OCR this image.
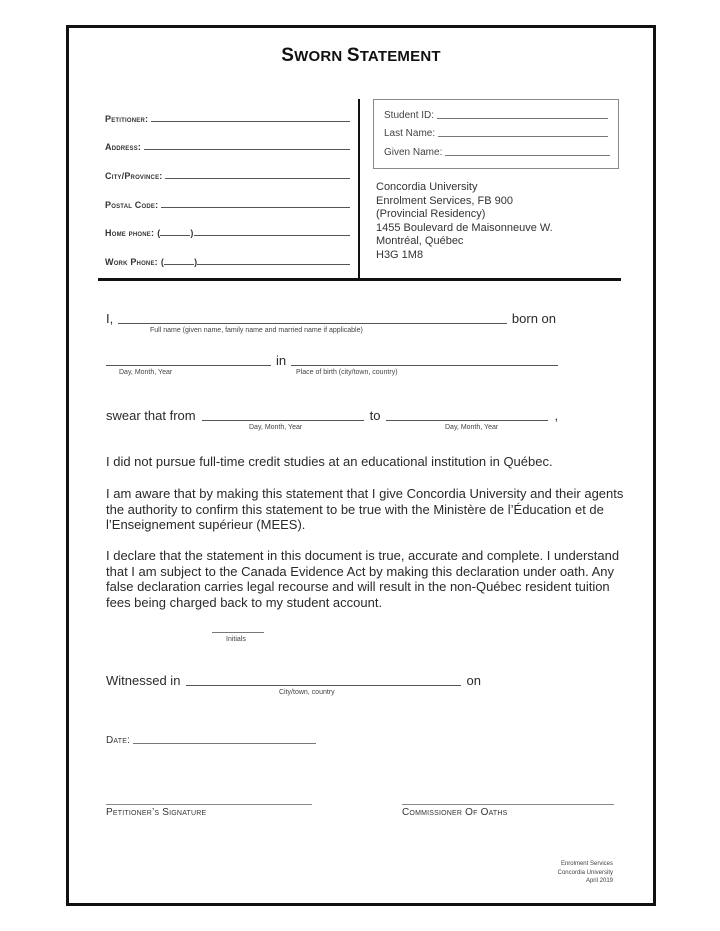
SWORN STATEMENT
Petitioner:
Address:
City/Province:
Postal Code:
Home phone: (	)
Work Phone: (	)
Student ID:
Last Name:
Given Name:
Concordia University
Enrolment Services, FB 900
(Provincial Residency)
1455 Boulevard de Maisonneuve W.
Montréal, Québec
H3G 1M8
I,	born on
Full name (given name, family name and married name if applicable)
in
Day, Month, Year	Place of birth (city/town, country)
swear that from	to	,
Day, Month, Year	Day, Month, Year
I did not pursue full-time credit studies at an educational institution in Québec.
I am aware that by making this statement that I give Concordia University and their agents the authority to confirm this statement to be true with the Ministère de l’Éducation et de l’Enseignement supérieur (MEES).
I declare that the statement in this document is true, accurate and complete. I understand that I am subject to the Canada Evidence Act by making this declaration under oath. Any false declaration carries legal recourse and will result in the non-Québec resident tuition fees being charged back to my student account.
Initials
Witnessed in	on
City/town, country
Date:
Petitioner’s Signature	Commissioner Of Oaths
Enrolment Services
Concordia University
April 2019
